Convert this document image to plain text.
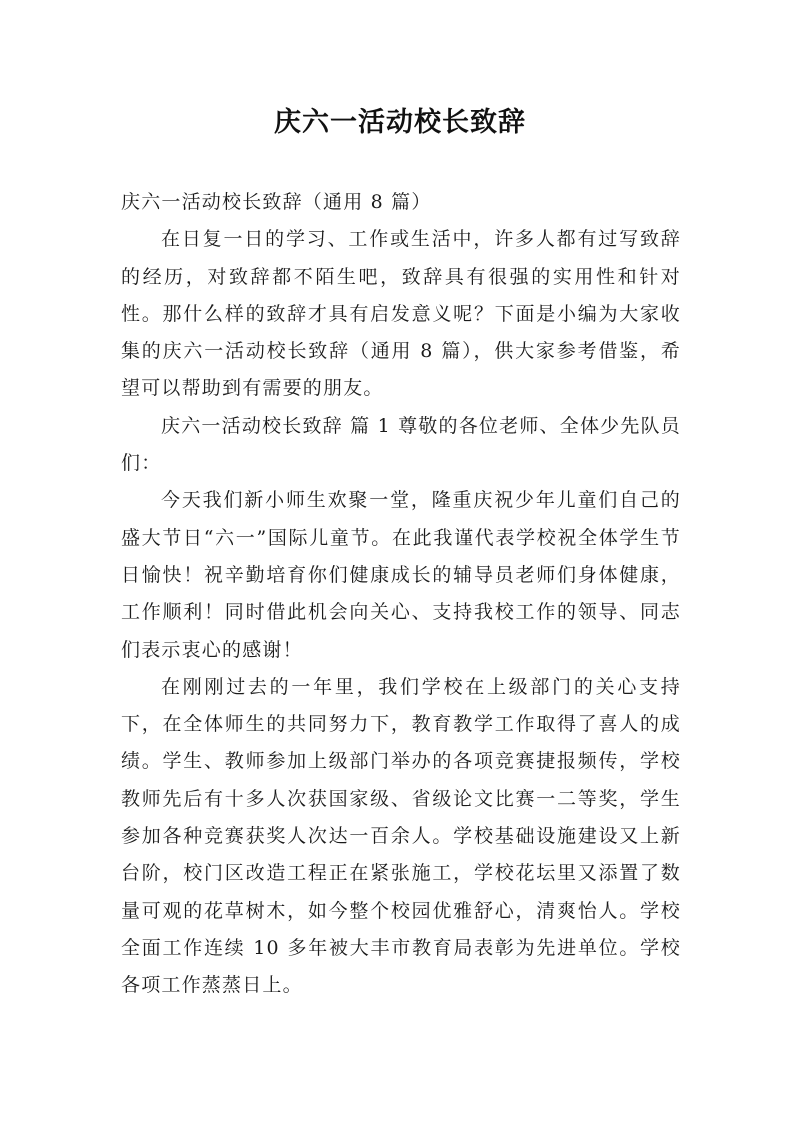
庆六一活动校长致辞

庆六一活动校长致辞（通用 8 篇）

在日复一日的学习、工作或生活中，许多人都有过写致辞的经历，对致辞都不陌生吧，致辞具有很强的实用性和针对性。那什么样的致辞才具有启发意义呢？下面是小编为大家收集的庆六一活动校长致辞（通用 8 篇），供大家参考借鉴，希望可以帮助到有需要的朋友。

庆六一活动校长致辞 篇 1 尊敬的各位老师、全体少先队员们：

今天我们新小师生欢聚一堂，隆重庆祝少年儿童们自己的盛大节日“六一”国际儿童节。在此我谨代表学校祝全体学生节日愉快！祝辛勤培育你们健康成长的辅导员老师们身体健康，工作顺利！同时借此机会向关心、支持我校工作的领导、同志们表示衷心的感谢！

在刚刚过去的一年里，我们学校在上级部门的关心支持下，在全体师生的共同努力下，教育教学工作取得了喜人的成绩。学生、教师参加上级部门举办的各项竞赛捷报频传，学校教师先后有十多人次获国家级、省级论文比赛一二等奖，学生参加各种竞赛获奖人次达一百余人。学校基础设施建设又上新台阶，校门区改造工程正在紧张施工，学校花坛里又添置了数量可观的花草树木，如今整个校园优雅舒心，清爽怡人。学校全面工作连续 10 多年被大丰市教育局表彰为先进单位。学校各项工作蒸蒸日上。
